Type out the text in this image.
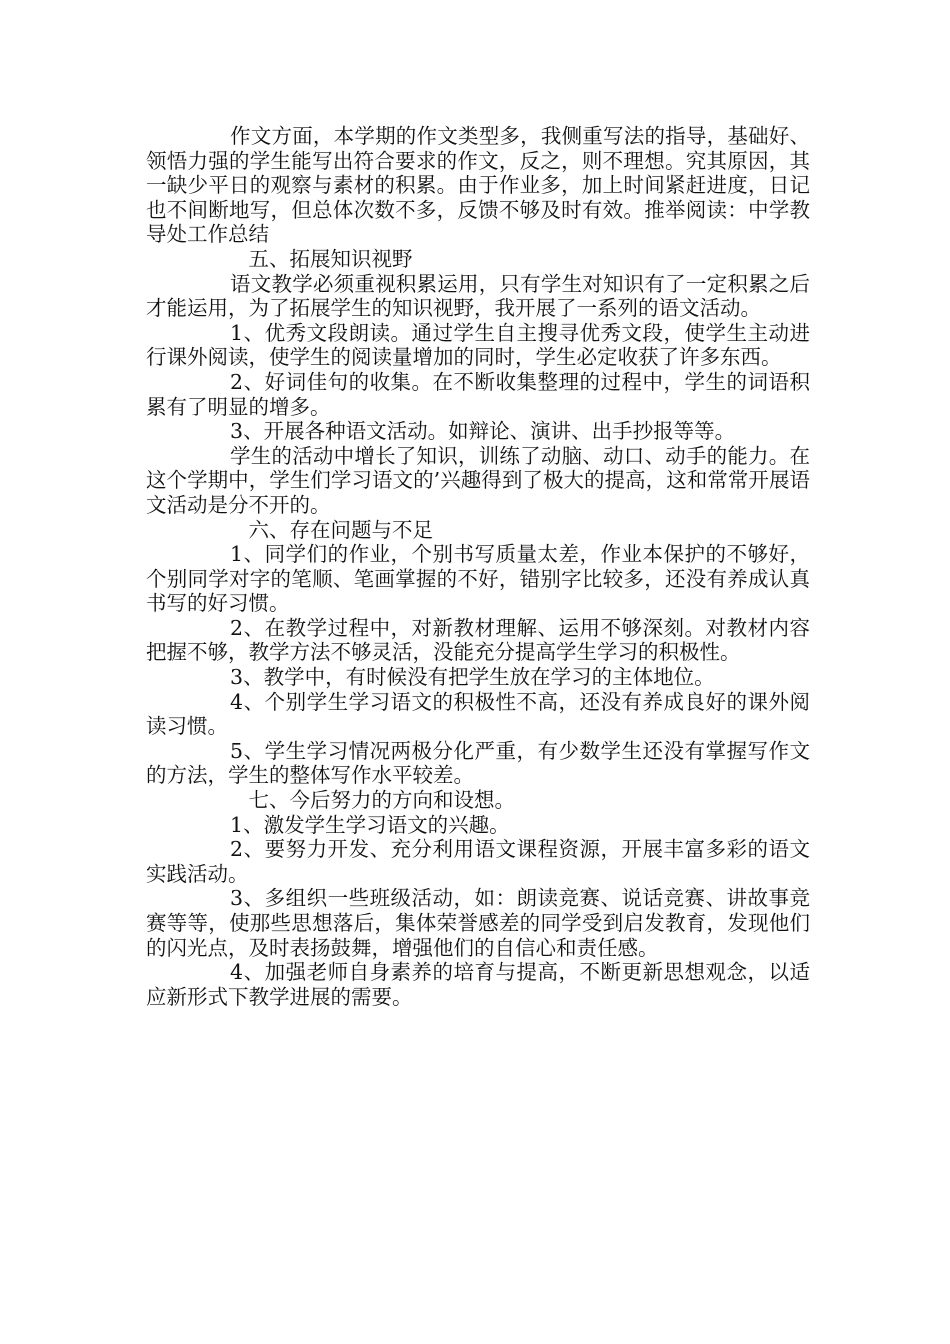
作文方面，本学期的作文类型多，我侧重写法的指导，基础好、领悟力强的学生能写出符合要求的作文，反之，则不理想。究其原因，其一缺少平日的观察与素材的积累。由于作业多，加上时间紧赶进度，日记也不间断地写，但总体次数不多，反馈不够及时有效。推举阅读：中学教导处工作总结

五、拓展知识视野

语文教学必须重视积累运用，只有学生对知识有了一定积累之后才能运用，为了拓展学生的知识视野，我开展了一系列的语文活动。

1、优秀文段朗读。通过学生自主搜寻优秀文段，使学生主动进行课外阅读，使学生的阅读量增加的同时，学生必定收获了许多东西。

2、好词佳句的收集。在不断收集整理的过程中，学生的词语积累有了明显的增多。

3、开展各种语文活动。如辩论、演讲、出手抄报等等。

学生的活动中增长了知识，训练了动脑、动口、动手的能力。在这个学期中，学生们学习语文的’兴趣得到了极大的提高，这和常常开展语文活动是分不开的。

六、存在问题与不足

1、同学们的作业，个别书写质量太差，作业本保护的不够好，个别同学对字的笔顺、笔画掌握的不好，错别字比较多，还没有养成认真书写的好习惯。

2、在教学过程中，对新教材理解、运用不够深刻。对教材内容把握不够，教学方法不够灵活，没能充分提高学生学习的积极性。

3、教学中，有时候没有把学生放在学习的主体地位。

4、个别学生学习语文的积极性不高，还没有养成良好的课外阅读习惯。

5、学生学习情况两极分化严重，有少数学生还没有掌握写作文的方法，学生的整体写作水平较差。

七、今后努力的方向和设想。

1、激发学生学习语文的兴趣。

2、要努力开发、充分利用语文课程资源，开展丰富多彩的语文实践活动。

3、多组织一些班级活动，如：朗读竞赛、说话竞赛、讲故事竞赛等等，使那些思想落后，集体荣誉感差的同学受到启发教育，发现他们的闪光点，及时表扬鼓舞，增强他们的自信心和责任感。

4、加强老师自身素养的培育与提高，不断更新思想观念，以适应新形式下教学进展的需要。
